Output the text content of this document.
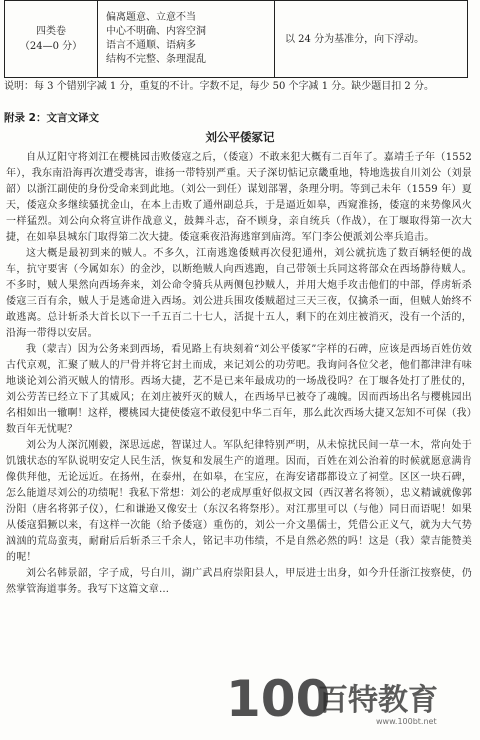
四类卷
（24—0 分）

偏离题意、立意不当
中心不明确、内容空洞
语言不通顺、语病多
结构不完整、条理混乱
	以 24 分为基准分，向下浮动。
说明：每 3 个错别字减 1 分，重复的不计。字数不足，每少 50 个字减 1 分。缺少题目扣 2 分。
附录 2：文言文译文
刘公平倭冢记

自从辽阳守将刘江在樱桃园击败倭寇之后，（倭寇）不敢来犯大概有二百年了。嘉靖壬子年（1552 年），我东南沿海再次遭受毒害，谁扬一带特别严重。天子深切惦记京畿重地，特地选拔自川刘公（刘景韶）以浙江副使的身份受命来到此地。（刘公一到任）谋划部署，条理分明。等到己未年（1559 年）夏天，倭寇众多继续骚扰金山，在本上击败了通州副总兵，于是逼近如皋，西窥淮扬，倭寇的来势像风火一样猛烈。刘公向众将宣讲作战意义，鼓舞斗志，奋不顾身，亲自统兵（作战），在丁堰取得第一次大捷，在如皋县城东门取得第二次大捷。倭寇乘夜沿海逃窜到庙湾。军门李公便派刘公率兵追击。

这大概是最初到来的贼人。不多久，江南逃逸倭贼再次侵犯通州，刘公就抗选了数百辆轻便的战车，抗守要害（今属如东）的金沙，以断绝贼人向西逃跑，自己带领士兵同这将部众在西场静待贼人。不多时，贼人果然向西场奔来，刘公命令骑兵从两侧包抄贼人，并用大炮手攻击他们的中部，俘虏斩杀倭寇三百有余，贼人于是逃命进入西场。刘公进兵围攻倭贼超过三天三夜，仅擒杀一面，但贼人始终不敢逃离。总计斩杀大首长以下一千五百二十七人，活捉十五人，剩下的在刘庄被消灭，没有一个活的，沿海一带得以安居。

我（蒙吉）因为公务来到西场，看见路上有块刻着“刘公平倭冢”字样的石碑，应该是西场百姓仿效古代京观，汇聚了贼人的尸骨并将它封土而成，来记刘公的功劳吧。我询问各位父老，他们都津津有味地谈论刘公消灭贼人的情形。西场大捷，艺不是已来年最成功的一场战役吗？在丁堰各处打了胜仗的，刘公劳苦已经立下了其威风；在刘庄被歼灭的贼人，在西场早已被夺了魂魄。因而西场出名与樱桃园出名相如出一辙啊！这样，樱桃园大捷使倭寇不敢侵犯中华二百年，那么此次西场大捷又怎知不可保（我）数百年无忧呢？

刘公为人深沉刚毅，深思远虑，智谋过人。军队纪律特别严明，从未惊扰民间一草一木，常向处于饥饿状态的军队说明安定人民生活，恢复和发展生产的道理。因而，百姓在刘公治着的时候就愿意满肯像供拜他，无论远近。在扬州，在泰州，在如皋，在宝应，在海安诸郡都设立了祠堂。区区一块石碑，怎么能道尽刘公的功绩呢！我私下常想：刘公的老成厚重好似叔文园（西汉著名将领），忠义精诚就像郭汾阳（唐名将郭子仪），仁和谦逊又像安士（东汉名将祭彤）。对江那里可以（与他）同日而语呢！如果从倭寇猖獗以来，有这样一次能（给予倭寇）重伤的，刘公一介文墨儒士，凭借公正义气，就为大气势汹汹的荒岛蛮夷，耐耐后后斩杀三千余人，铭记丰功伟绩，不是自然必然的吗！这是（我）蒙吉能赞美的呢！

刘公名韩景韶，字子成，号白川，湖广武昌府崇阳县人，甲辰进士出身，如今升任浙江按察使，仍然掌管海道事务。我写下这篇文章…

100
百特教育
www.100bt.net
